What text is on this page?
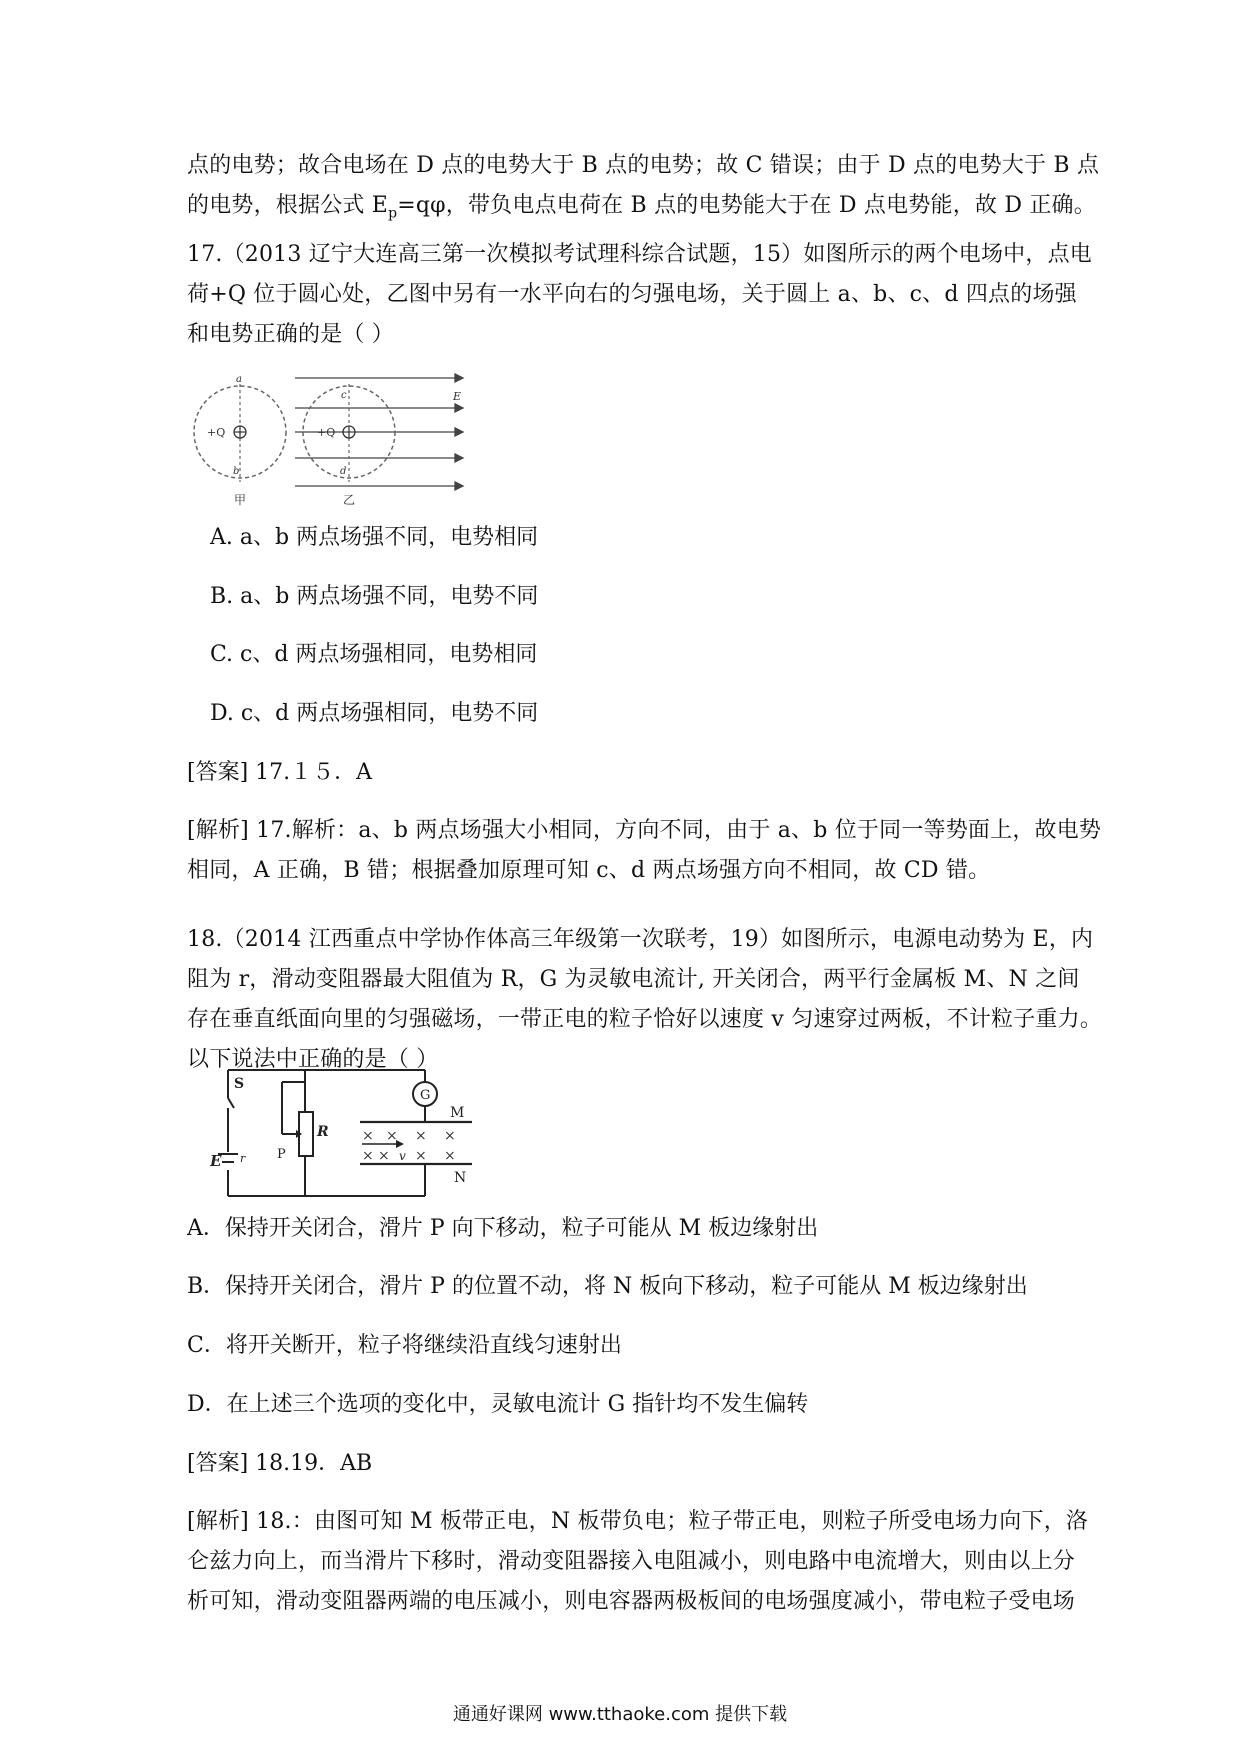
点的电势；故合电场在 D 点的电势大于 B 点的电势；故 C 错误；由于 D 点的电势大于 B 点
的电势，根据公式 $E_p=q\varphi$，带负电点电荷在 B 点的电势能大于在 D 点电势能，故 D 正确。
17.（2013 辽宁大连高三第一次模拟考试理科综合试题，15）如图所示的两个电场中，点电
荷+Q 位于圆心处，乙图中另有一水平向右的匀强电场，关于圆上 a、b、c、d 四点的场强
和电势正确的是（ ）
+Q
a
b
甲
+Q
c
d
E
乙
A. a、b 两点场强不同，电势相同
B. a、b 两点场强不同，电势不同
C. c、d 两点场强相同，电势相同
D. c、d 两点场强相同，电势不同
[答案] 17.１５．A
[解析] 17.解析：a、b 两点场强大小相同，方向不同，由于 a、b 位于同一等势面上，故电势
相同，A 正确，B 错；根据叠加原理可知 c、d 两点场强方向不相同，故 CD 错。
18.（2014 江西重点中学协作体高三年级第一次联考，19）如图所示，电源电动势为 E，内
阻为 r，滑动变阻器最大阻值为 R，G 为灵敏电流计, 开关闭合，两平行金属板 M、N 之间
存在垂直纸面向里的匀强磁场，一带正电的粒子恰好以速度 v 匀速穿过两板，不计粒子重力。
以下说法中正确的是（ ）
× × × ×
× × × ×
S
R
G
M
N
P
E r	v
A．保持开关闭合，滑片 P 向下移动，粒子可能从 M 板边缘射出
B．保持开关闭合，滑片 P 的位置不动，将 N 板向下移动，粒子可能从 M 板边缘射出
C．将开关断开，粒子将继续沿直线匀速射出
D．在上述三个选项的变化中，灵敏电流计 G 指针均不发生偏转
[答案] 18.19．AB
[解析] 18.：由图可知 M 板带正电，N 板带负电；粒子带正电，则粒子所受电场力向下，洛
仑兹力向上，而当滑片下移时，滑动变阻器接入电阻减小，则电路中电流增大，则由以上分
析可知，滑动变阻器两端的电压减小，则电容器两极板间的电场强度减小，带电粒子受电场
通通好课网 www.tthaoke.com 提供下载
